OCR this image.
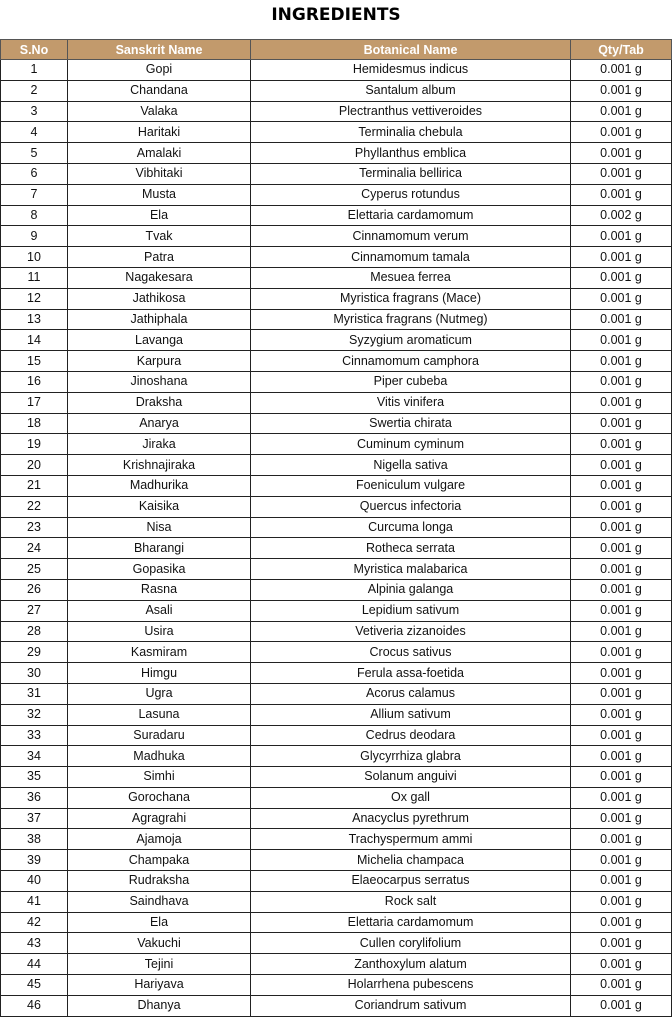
INGREDIENTS
S.No	Sanskrit Name	Botanical Name	Qty/Tab
1	Gopi	Hemidesmus indicus	0.001 g
2	Chandana	Santalum album	0.001 g
3	Valaka	Plectranthus vettiveroides	0.001 g
4	Haritaki	Terminalia chebula	0.001 g
5	Amalaki	Phyllanthus emblica	0.001 g
6	Vibhitaki	Terminalia bellirica	0.001 g
7	Musta	Cyperus rotundus	0.001 g
8	Ela	Elettaria cardamomum	0.002 g
9	Tvak	Cinnamomum verum	0.001 g
10	Patra	Cinnamomum tamala	0.001 g
11	Nagakesara	Mesuea ferrea	0.001 g
12	Jathikosa	Myristica fragrans (Mace)	0.001 g
13	Jathiphala	Myristica fragrans (Nutmeg)	0.001 g
14	Lavanga	Syzygium aromaticum	0.001 g
15	Karpura	Cinnamomum camphora	0.001 g
16	Jinoshana	Piper cubeba	0.001 g
17	Draksha	Vitis vinifera	0.001 g
18	Anarya	Swertia chirata	0.001 g
19	Jiraka	Cuminum cyminum	0.001 g
20	Krishnajiraka	Nigella sativa	0.001 g
21	Madhurika	Foeniculum vulgare	0.001 g
22	Kaisika	Quercus infectoria	0.001 g
23	Nisa	Curcuma longa	0.001 g
24	Bharangi	Rotheca serrata	0.001 g
25	Gopasika	Myristica malabarica	0.001 g
26	Rasna	Alpinia galanga	0.001 g
27	Asali	Lepidium sativum	0.001 g
28	Usira	Vetiveria zizanoides	0.001 g
29	Kasmiram	Crocus sativus	0.001 g
30	Himgu	Ferula assa-foetida	0.001 g
31	Ugra	Acorus calamus	0.001 g
32	Lasuna	Allium sativum	0.001 g
33	Suradaru	Cedrus deodara	0.001 g
34	Madhuka	Glycyrrhiza glabra	0.001 g
35	Simhi	Solanum anguivi	0.001 g
36	Gorochana	Ox gall	0.001 g
37	Agragrahi	Anacyclus pyrethrum	0.001 g
38	Ajamoja	Trachyspermum ammi	0.001 g
39	Champaka	Michelia champaca	0.001 g
40	Rudraksha	Elaeocarpus serratus	0.001 g
41	Saindhava	Rock salt	0.001 g
42	Ela	Elettaria cardamomum	0.001 g
43	Vakuchi	Cullen corylifolium	0.001 g
44	Tejini	Zanthoxylum alatum	0.001 g
45	Hariyava	Holarrhena pubescens	0.001 g
46	Dhanya	Coriandrum sativum	0.001 g
